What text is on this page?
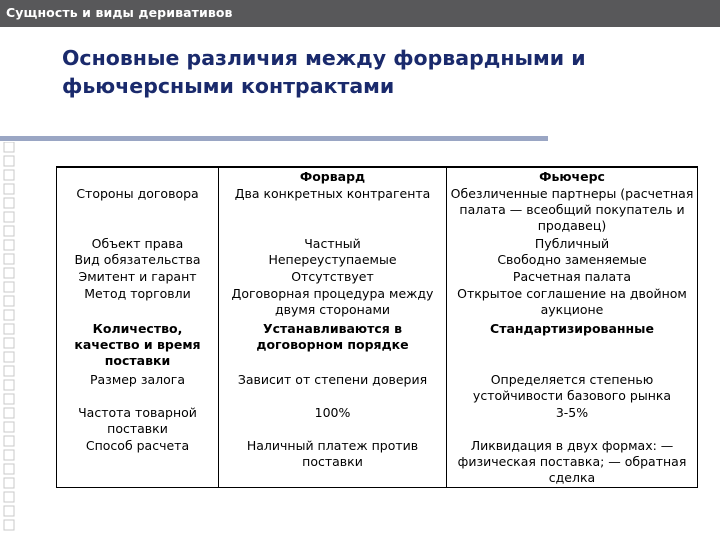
Сущность и виды деривативов
Основные различия между форвардными и фьючерсными контрактами
Стороны договора
Объект права
Вид обязательства
Эмитент и гарант
Метод торговли
Количество, качество и время поставки
Размер залога
Частота товарной поставки
Способ расчета
Форвард
Два конкретных контрагента
Частный
Непереуступаемые
Отсутствует
Договорная процедура между двумя сторонами
Устанавливаются в договорном порядке
Зависит от степени доверия
100%
Наличный платеж против поставки
Фьючерс
Обезличенные партнеры (расчетная палата — всеобщий покупатель и продавец)
Публичный
Свободно заменяемые
Расчетная палата
Открытое соглашение на двойном аукционе
Стандартизированные
Определяется степенью устойчивости базового рынка
3-5%
Ликвидация в двух формах: — физическая поставка; — обратная сделка
